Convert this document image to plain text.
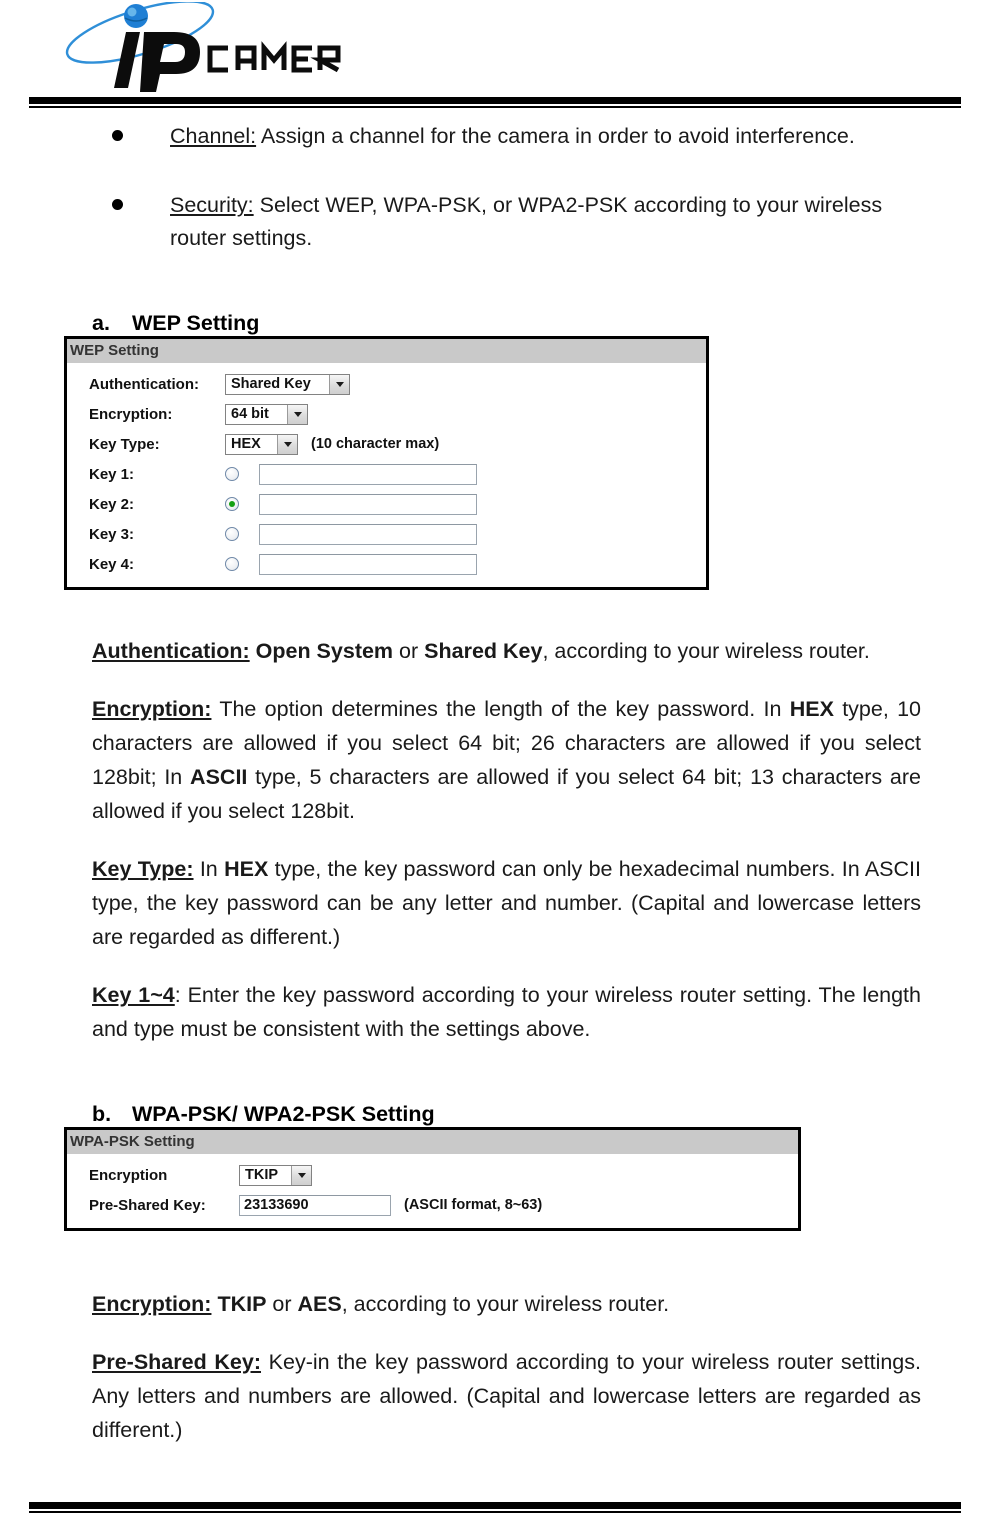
Channel: Assign a channel for the camera in order to avoid interference.
Security: Select WEP, WPA-PSK, or WPA2-PSK according to your wireless router settings.
a.	WEP Setting
WEP Setting
Authentication:	Shared Key
Encryption:	64 bit
Key Type:	HEX	(10 character max)
Key 1:
Key 2:
Key 3:
Key 4:

Authentication: Open System or Shared Key, according to your wireless router.

Encryption: The option determines the length of the key password. In HEX type, 10 characters are allowed if you select 64 bit; 26 characters are allowed if you select 128bit; In ASCII type, 5 characters are allowed if you select 64 bit; 13 characters are allowed if you select 128bit.

Key Type: In HEX type, the key password can only be hexadecimal numbers. In ASCII type, the key password can be any letter and number. (Capital and lowercase letters are regarded as different.)

Key 1~4: Enter the key password according to your wireless router setting. The length and type must be consistent with the settings above.

b. WPA-PSK/ WPA2-PSK Setting
WPA-PSK Setting
Encryption	TKIP
Pre-Shared Key:	23133690	(ASCII format, 8~63)

Encryption: TKIP or AES, according to your wireless router.

Pre-Shared Key: Key-in the key password according to your wireless router settings. Any letters and numbers are allowed. (Capital and lowercase letters are regarded as different.)
